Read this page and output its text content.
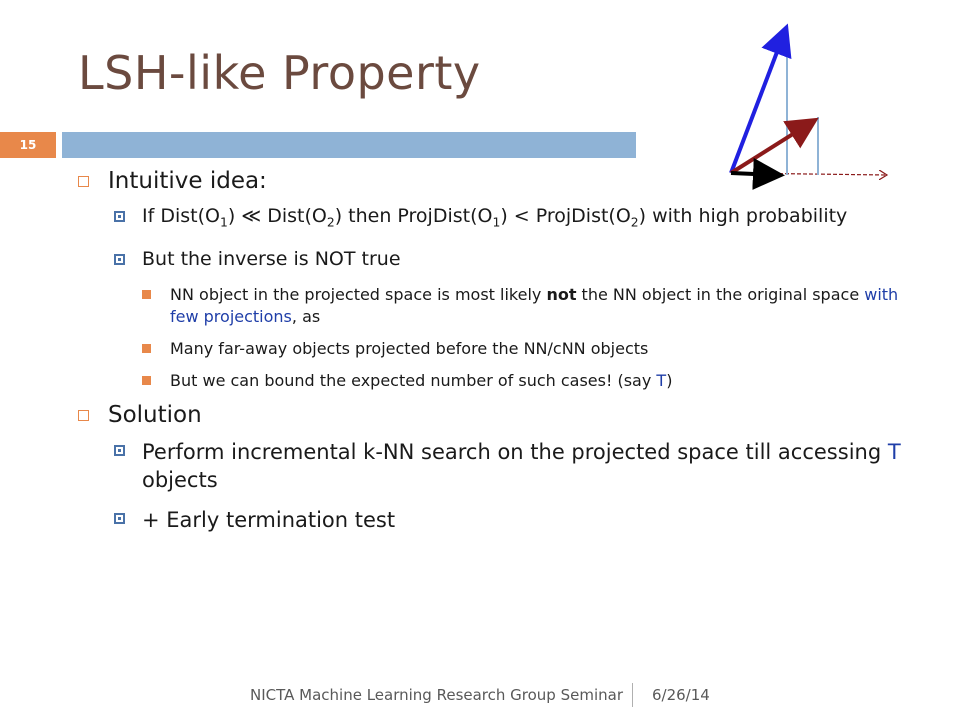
LSH-like Property
15
Intuitive idea:
If $Dist(O_1)$ ≪ $Dist(O_2)$ then $ProjDist(O_1)$ < $ProjDist(O_2)$ with high probability
But the inverse is NOT true
NN object in the projected space is most likely not the NN object in the original space with few projections, as
Many far-away objects projected before the NN/cNN objects
But we can bound the expected number of such cases! (say T)
Solution
Perform incremental k-NN search on the projected space till accessing T objects
+ Early termination test
NICTA Machine Learning Research Group Seminar 6/26/14
